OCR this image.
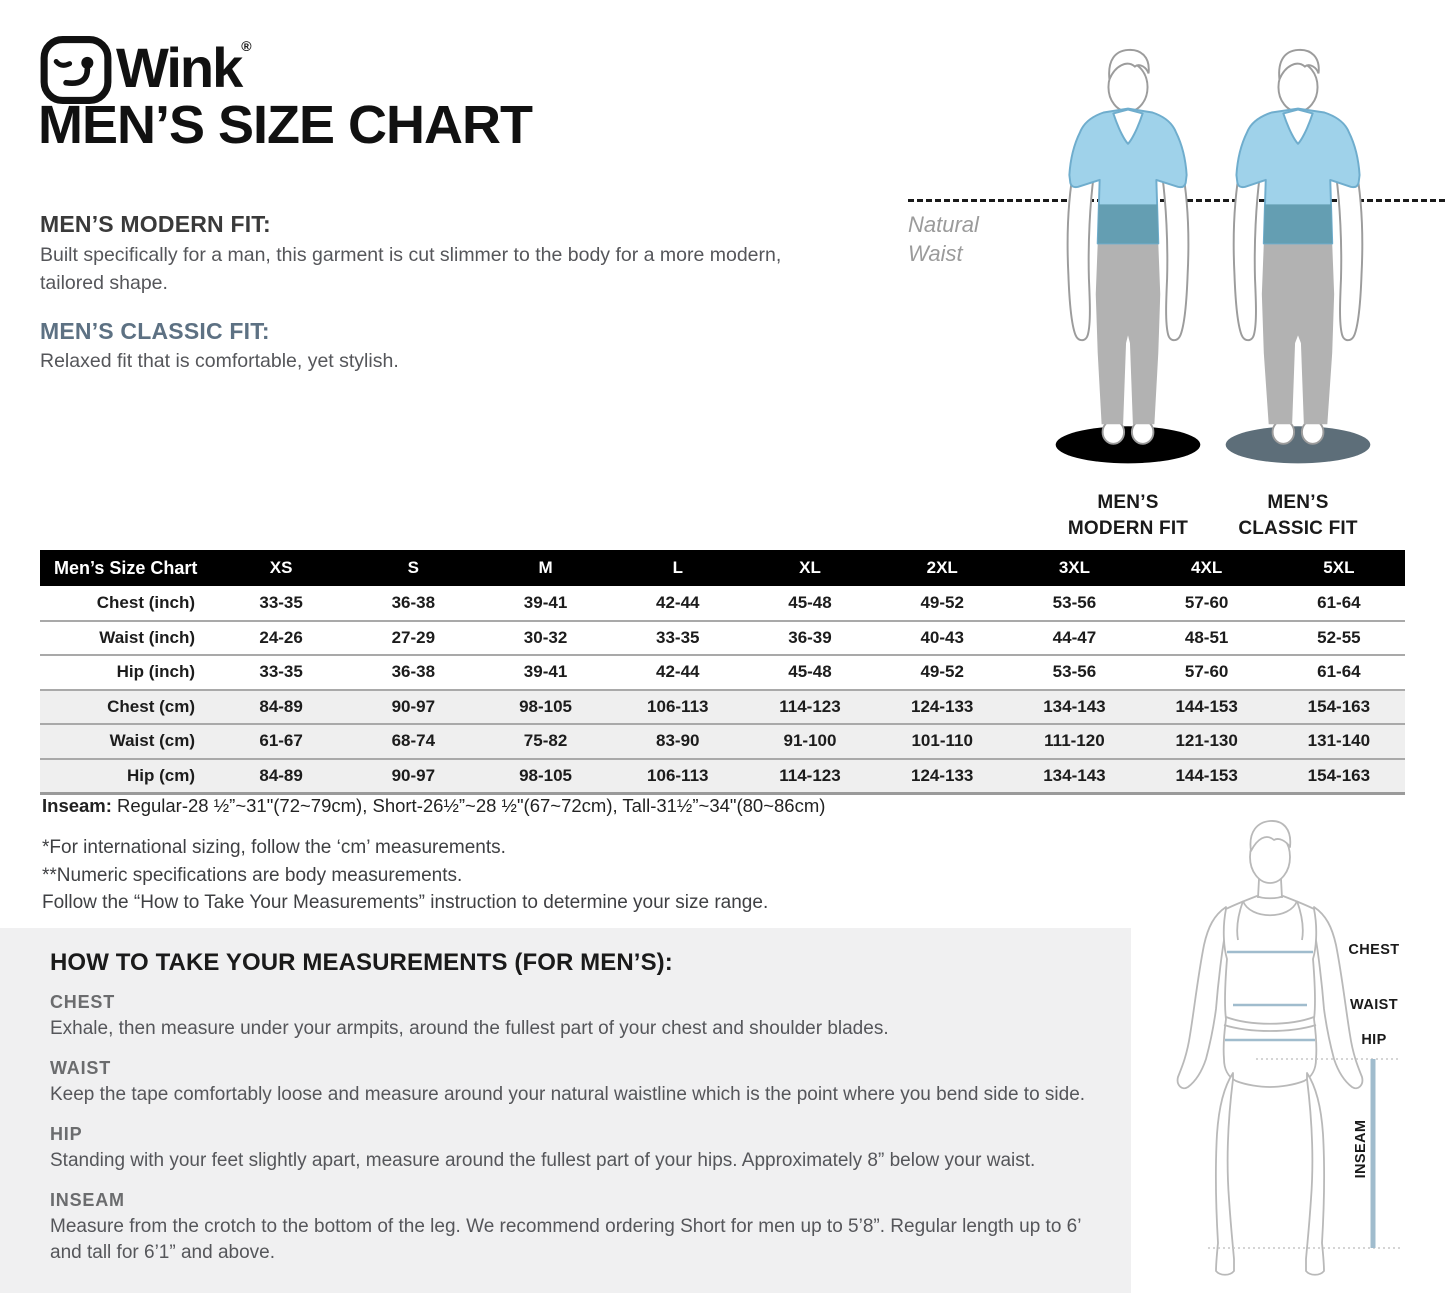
Wink®
MEN’S SIZE CHART
MEN’S MODERN FIT:
Built specifically for a man, this garment is cut slimmer to the body for a more modern, tailored shape.
MEN’S CLASSIC FIT:
Relaxed fit that is comfortable, yet stylish.
Natural
Waist
MEN’S
MODERN FIT
MEN’S
CLASSIC FIT
Men’s Size Chart	XS	S	M	L	XL	2XL	3XL	4XL	5XL
Chest (inch)	33-35	36-38	39-41	42-44	45-48	49-52	53-56	57-60	61-64
Waist (inch)	24-26	27-29	30-32	33-35	36-39	40-43	44-47	48-51	52-55
Hip (inch)	33-35	36-38	39-41	42-44	45-48	49-52	53-56	57-60	61-64
Chest (cm)	84-89	90-97	98-105	106-113	114-123	124-133	134-143	144-153	154-163
Waist (cm)	61-67	68-74	75-82	83-90	91-100	101-110	111-120	121-130	131-140
Hip (cm)	84-89	90-97	98-105	106-113	114-123	124-133	134-143	144-153	154-163
Inseam: Regular-28 ½”~31"(72~79cm), Short-26½”~28 ½"(67~72cm), Tall-31½”~34"(80~86cm)
*For international sizing, follow the ‘cm’ measurements.
**Numeric specifications are body measurements.
Follow the “How to Take Your Measurements” instruction to determine your size range.
HOW TO TAKE YOUR MEASUREMENTS (FOR MEN’S):
CHEST
Exhale, then measure under your armpits, around the fullest part of your chest and shoulder blades.
WAIST
Keep the tape comfortably loose and measure around your natural waistline which is the point where you bend side to side.
HIP
Standing with your feet slightly apart, measure around the fullest part of your hips. Approximately 8” below your waist.
INSEAM
Measure from the crotch to the bottom of the leg. We recommend ordering Short for men up to 5’8”. Regular length up to 6’ and tall for 6’1” and above.
CHEST
WAIST
HIP
INSEAM
